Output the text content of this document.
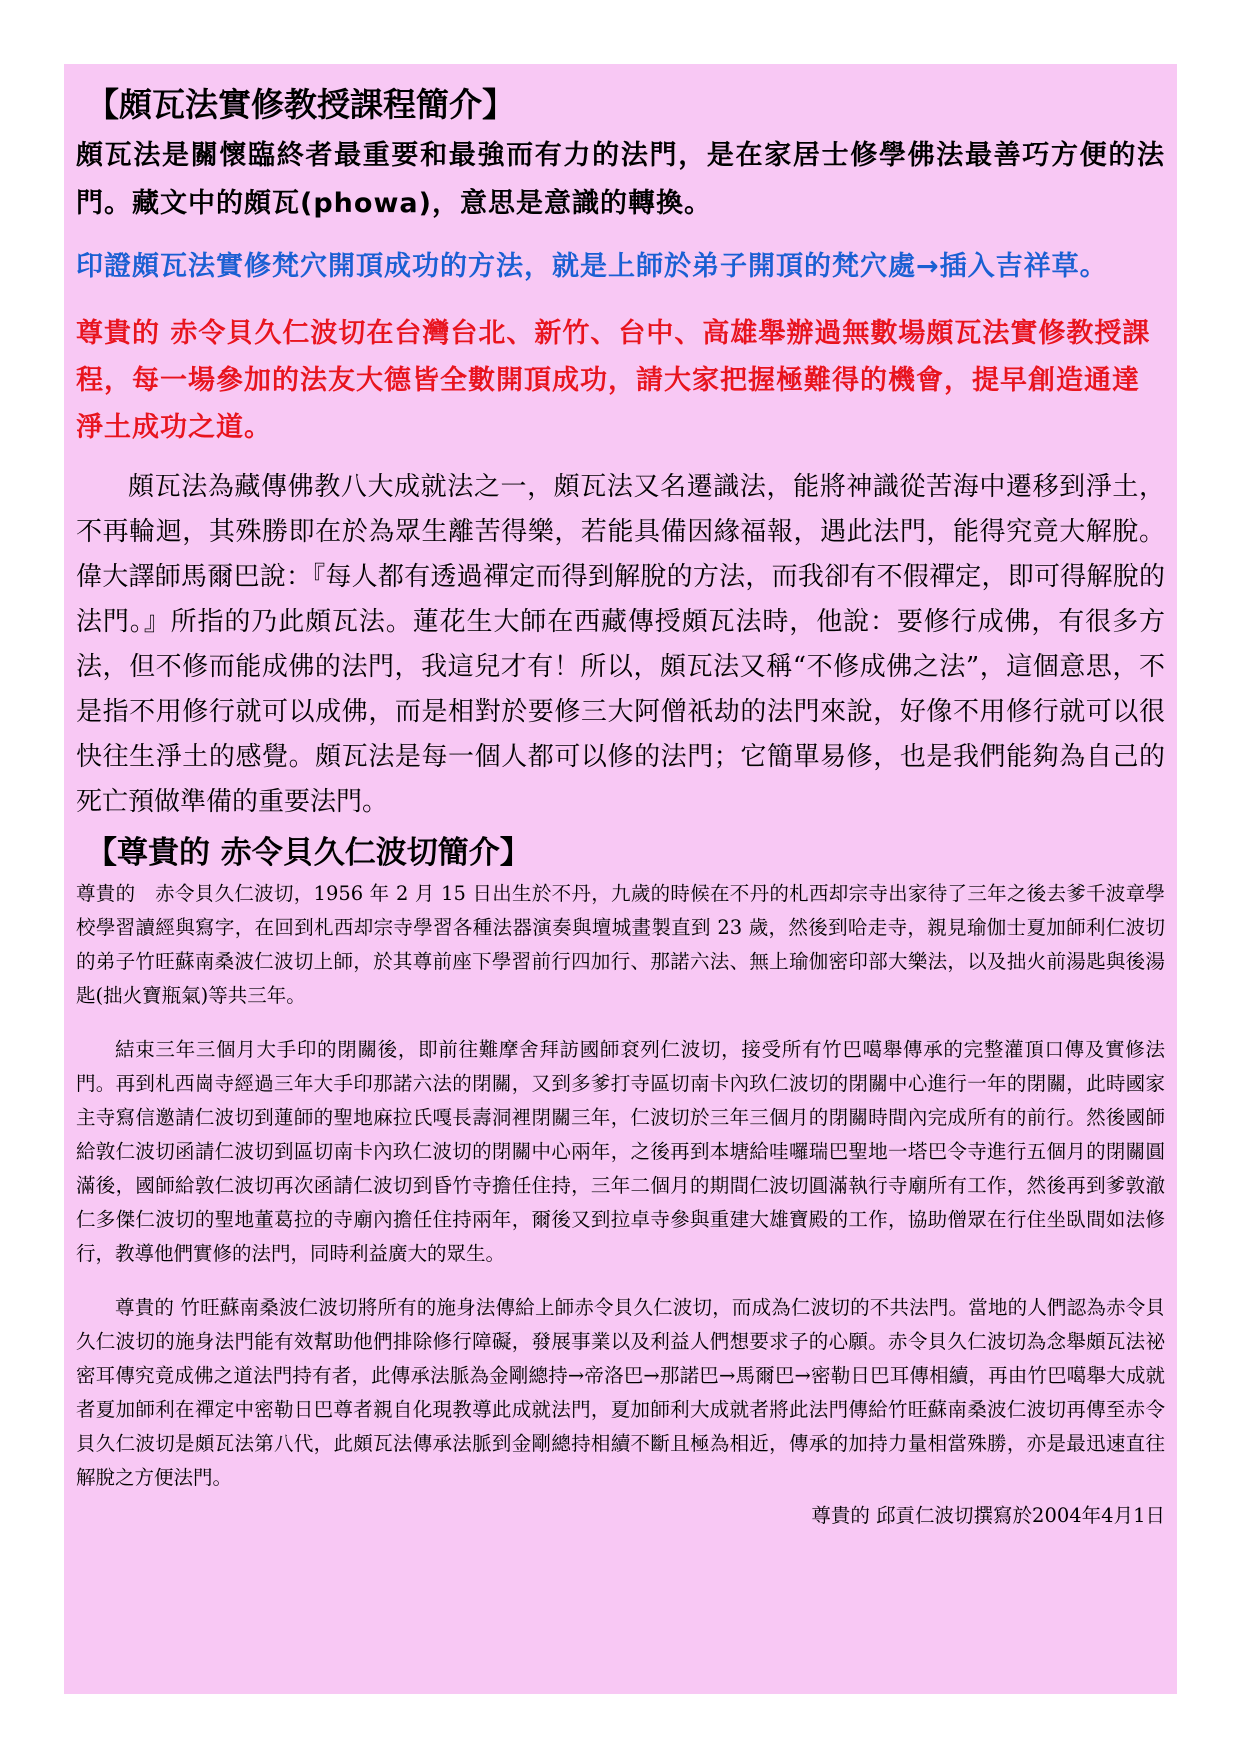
【頗瓦法實修教授課程簡介】

頗瓦法是關懷臨終者最重要和最強而有力的法門，是在家居士修學佛法最善巧方便的法門。藏文中的頗瓦(phowa)，意思是意識的轉換。

印證頗瓦法實修梵穴開頂成功的方法，就是上師於弟子開頂的梵穴處→插入吉祥草。

尊貴的 赤令貝久仁波切在台灣台北、新竹、台中、高雄舉辦過無數場頗瓦法實修教授課程，每一場參加的法友大德皆全數開頂成功，請大家把握極難得的機會，提早創造通達淨土成功之道。

頗瓦法為藏傳佛教八大成就法之一，頗瓦法又名遷識法，能將神識從苦海中遷移到淨土，不再輪迴，其殊勝即在於為眾生離苦得樂，若能具備因緣福報，遇此法門，能得究竟大解脫。偉大譯師馬爾巴說：『每人都有透過禪定而得到解脫的方法，而我卻有不假禪定，即可得解脫的法門。』所指的乃此頗瓦法。蓮花生大師在西藏傳授頗瓦法時，他說：要修行成佛，有很多方法，但不修而能成佛的法門，我這兒才有！所以，頗瓦法又稱“不修成佛之法”，這個意思，不是指不用修行就可以成佛，而是相對於要修三大阿僧祇劫的法門來說，好像不用修行就可以很快往生淨土的感覺。頗瓦法是每一個人都可以修的法門；它簡單易修，也是我們能夠為自己的死亡預做準備的重要法門。

【尊貴的 赤令貝久仁波切簡介】

尊貴的　赤令貝久仁波切，1956 年 2 月 15 日出生於不丹，九歲的時候在不丹的札西却宗寺出家待了三年之後去爹千波章學校學習讀經與寫字，在回到札西却宗寺學習各種法器演奏與壇城畫製直到 23 歲，然後到哈走寺，親見瑜伽士夏加師利仁波切的弟子竹旺蘇南桑波仁波切上師，於其尊前座下學習前行四加行、那諾六法、無上瑜伽密印部大樂法，以及拙火前湯匙與後湯匙(拙火寶瓶氣)等共三年。

結束三年三個月大手印的閉關後，即前往難摩舍拜訪國師袞列仁波切，接受所有竹巴噶舉傳承的完整灌頂口傳及實修法門。再到札西崗寺經過三年大手印那諾六法的閉關，又到多爹打寺區切南卡內玖仁波切的閉關中心進行一年的閉關，此時國家主寺寫信邀請仁波切到蓮師的聖地麻拉氏嘎長壽洞裡閉關三年，仁波切於三年三個月的閉關時間內完成所有的前行。然後國師給敦仁波切函請仁波切到區切南卡內玖仁波切的閉關中心兩年，之後再到本塘給哇囉瑞巴聖地一塔巴令寺進行五個月的閉關圓滿後，國師給敦仁波切再次函請仁波切到昏竹寺擔任住持，三年二個月的期間仁波切圓滿執行寺廟所有工作，然後再到爹敦澈仁多傑仁波切的聖地董葛拉的寺廟內擔任住持兩年，爾後又到拉卓寺參與重建大雄寶殿的工作，協助僧眾在行住坐臥間如法修行，教導他們實修的法門，同時利益廣大的眾生。

尊貴的 竹旺蘇南桑波仁波切將所有的施身法傳給上師赤令貝久仁波切，而成為仁波切的不共法門。當地的人們認為赤令貝久仁波切的施身法門能有效幫助他們排除修行障礙，發展事業以及利益人們想要求子的心願。赤令貝久仁波切為念舉頗瓦法祕密耳傳究竟成佛之道法門持有者，此傳承法脈為金剛總持→帝洛巴→那諾巴→馬爾巴→密勒日巴耳傳相續，再由竹巴噶舉大成就者夏加師利在禪定中密勒日巴尊者親自化現教導此成就法門，夏加師利大成就者將此法門傳給竹旺蘇南桑波仁波切再傳至赤令貝久仁波切是頗瓦法第八代，此頗瓦法傳承法脈到金剛總持相續不斷且極為相近，傳承的加持力量相當殊勝，亦是最迅速直往解脫之方便法門。

尊貴的 邱貢仁波切撰寫於2004年4月1日
